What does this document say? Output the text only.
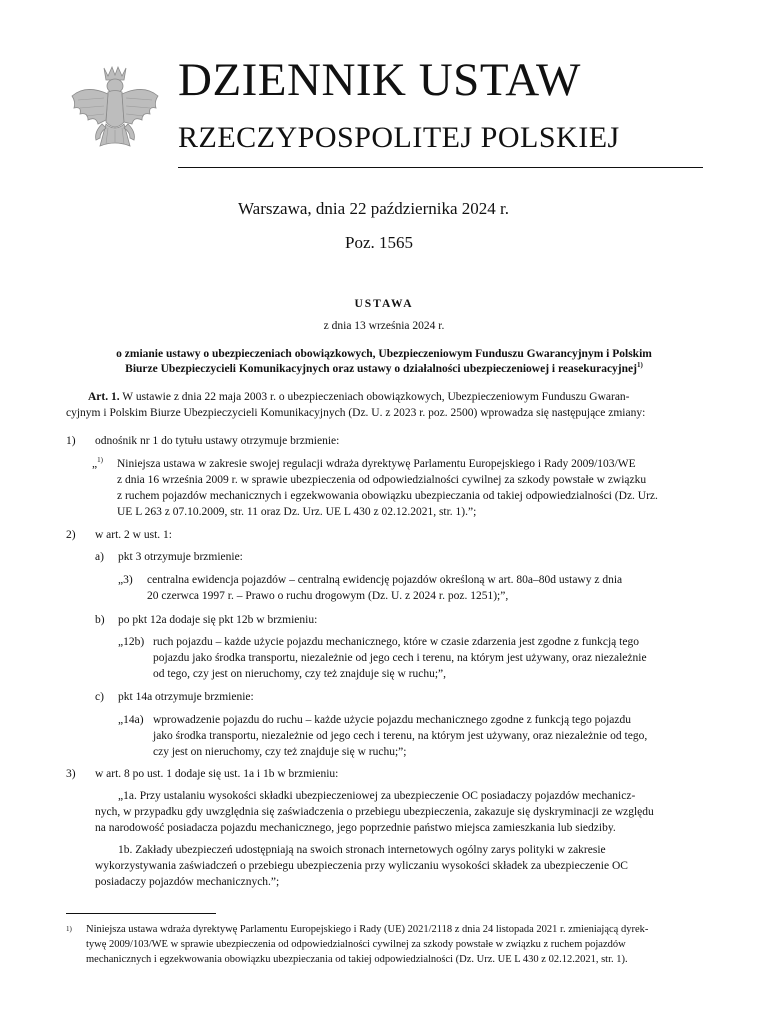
DZIENNIK USTAW
RZECZYPOSPOLITEJ POLSKIEJ
Warszawa, dnia 22 października 2024 r.
Poz. 1565
USTAWA
z dnia 13 września 2024 r.
o zmianie ustawy o ubezpieczeniach obowiązkowych, Ubezpieczeniowym Funduszu Gwarancyjnym i Polskim
Biurze Ubezpieczycieli Komunikacyjnych oraz ustawy o działalności ubezpieczeniowej i reasekuracyjnej$^{1)}$
Art. 1. W ustawie z dnia 22 maja 2003 r. o ubezpieczeniach obowiązkowych, Ubezpieczeniowym Funduszu Gwaran-
cyjnym i Polskim Biurze Ubezpieczycieli Komunikacyjnych (Dz. U. z 2023 r. poz. 2500) wprowadza się następujące zmiany:
1) odnośnik nr 1 do tytułu ustawy otrzymuje brzmienie:
„$^{1)}$ Niniejsza ustawa w zakresie swojej regulacji wdraża dyrektywę Parlamentu Europejskiego i Rady 2009/103/WE
z dnia 16 września 2009 r. w sprawie ubezpieczenia od odpowiedzialności cywilnej za szkody powstałe w związku
z ruchem pojazdów mechanicznych i egzekwowania obowiązku ubezpieczania od takiej odpowiedzialności (Dz. Urz.
UE L 263 z 07.10.2009, str. 11 oraz Dz. Urz. UE L 430 z 02.12.2021, str. 1).”;
2) w art. 2 w ust. 1:
a) pkt 3 otrzymuje brzmienie:
„3) centralna ewidencja pojazdów – centralną ewidencję pojazdów określoną w art. 80a–80d ustawy z dnia
20 czerwca 1997 r. – Prawo o ruchu drogowym (Dz. U. z 2024 r. poz. 1251);”,
b) po pkt 12a dodaje się pkt 12b w brzmieniu:
„12b) ruch pojazdu – każde użycie pojazdu mechanicznego, które w czasie zdarzenia jest zgodne z funkcją tego
pojazdu jako środka transportu, niezależnie od jego cech i terenu, na którym jest używany, oraz niezależnie
od tego, czy jest on nieruchomy, czy też znajduje się w ruchu;”,
c) pkt 14a otrzymuje brzmienie:
„14a) wprowadzenie pojazdu do ruchu – każde użycie pojazdu mechanicznego zgodne z funkcją tego pojazdu
jako środka transportu, niezależnie od jego cech i terenu, na którym jest używany, oraz niezależnie od tego,
czy jest on nieruchomy, czy też znajduje się w ruchu;”;
3) w art. 8 po ust. 1 dodaje się ust. 1a i 1b w brzmieniu:
„1a. Przy ustalaniu wysokości składki ubezpieczeniowej za ubezpieczenie OC posiadaczy pojazdów mechanicz-
nych, w przypadku gdy uwzględnia się zaświadczenia o przebiegu ubezpieczenia, zakazuje się dyskryminacji ze względu
na narodowość posiadacza pojazdu mechanicznego, jego poprzednie państwo miejsca zamieszkania lub siedziby.
1b. Zakłady ubezpieczeń udostępniają na swoich stronach internetowych ogólny zarys polityki w zakresie
wykorzystywania zaświadczeń o przebiegu ubezpieczenia przy wyliczaniu wysokości składek za ubezpieczenie OC
posiadaczy pojazdów mechanicznych.”;
1) Niniejsza ustawa wdraża dyrektywę Parlamentu Europejskiego i Rady (UE) 2021/2118 z dnia 24 listopada 2021 r. zmieniającą dyrek-
tywę 2009/103/WE w sprawie ubezpieczenia od odpowiedzialności cywilnej za szkody powstałe w związku z ruchem pojazdów
mechanicznych i egzekwowania obowiązku ubezpieczania od takiej odpowiedzialności (Dz. Urz. UE L 430 z 02.12.2021, str. 1).
